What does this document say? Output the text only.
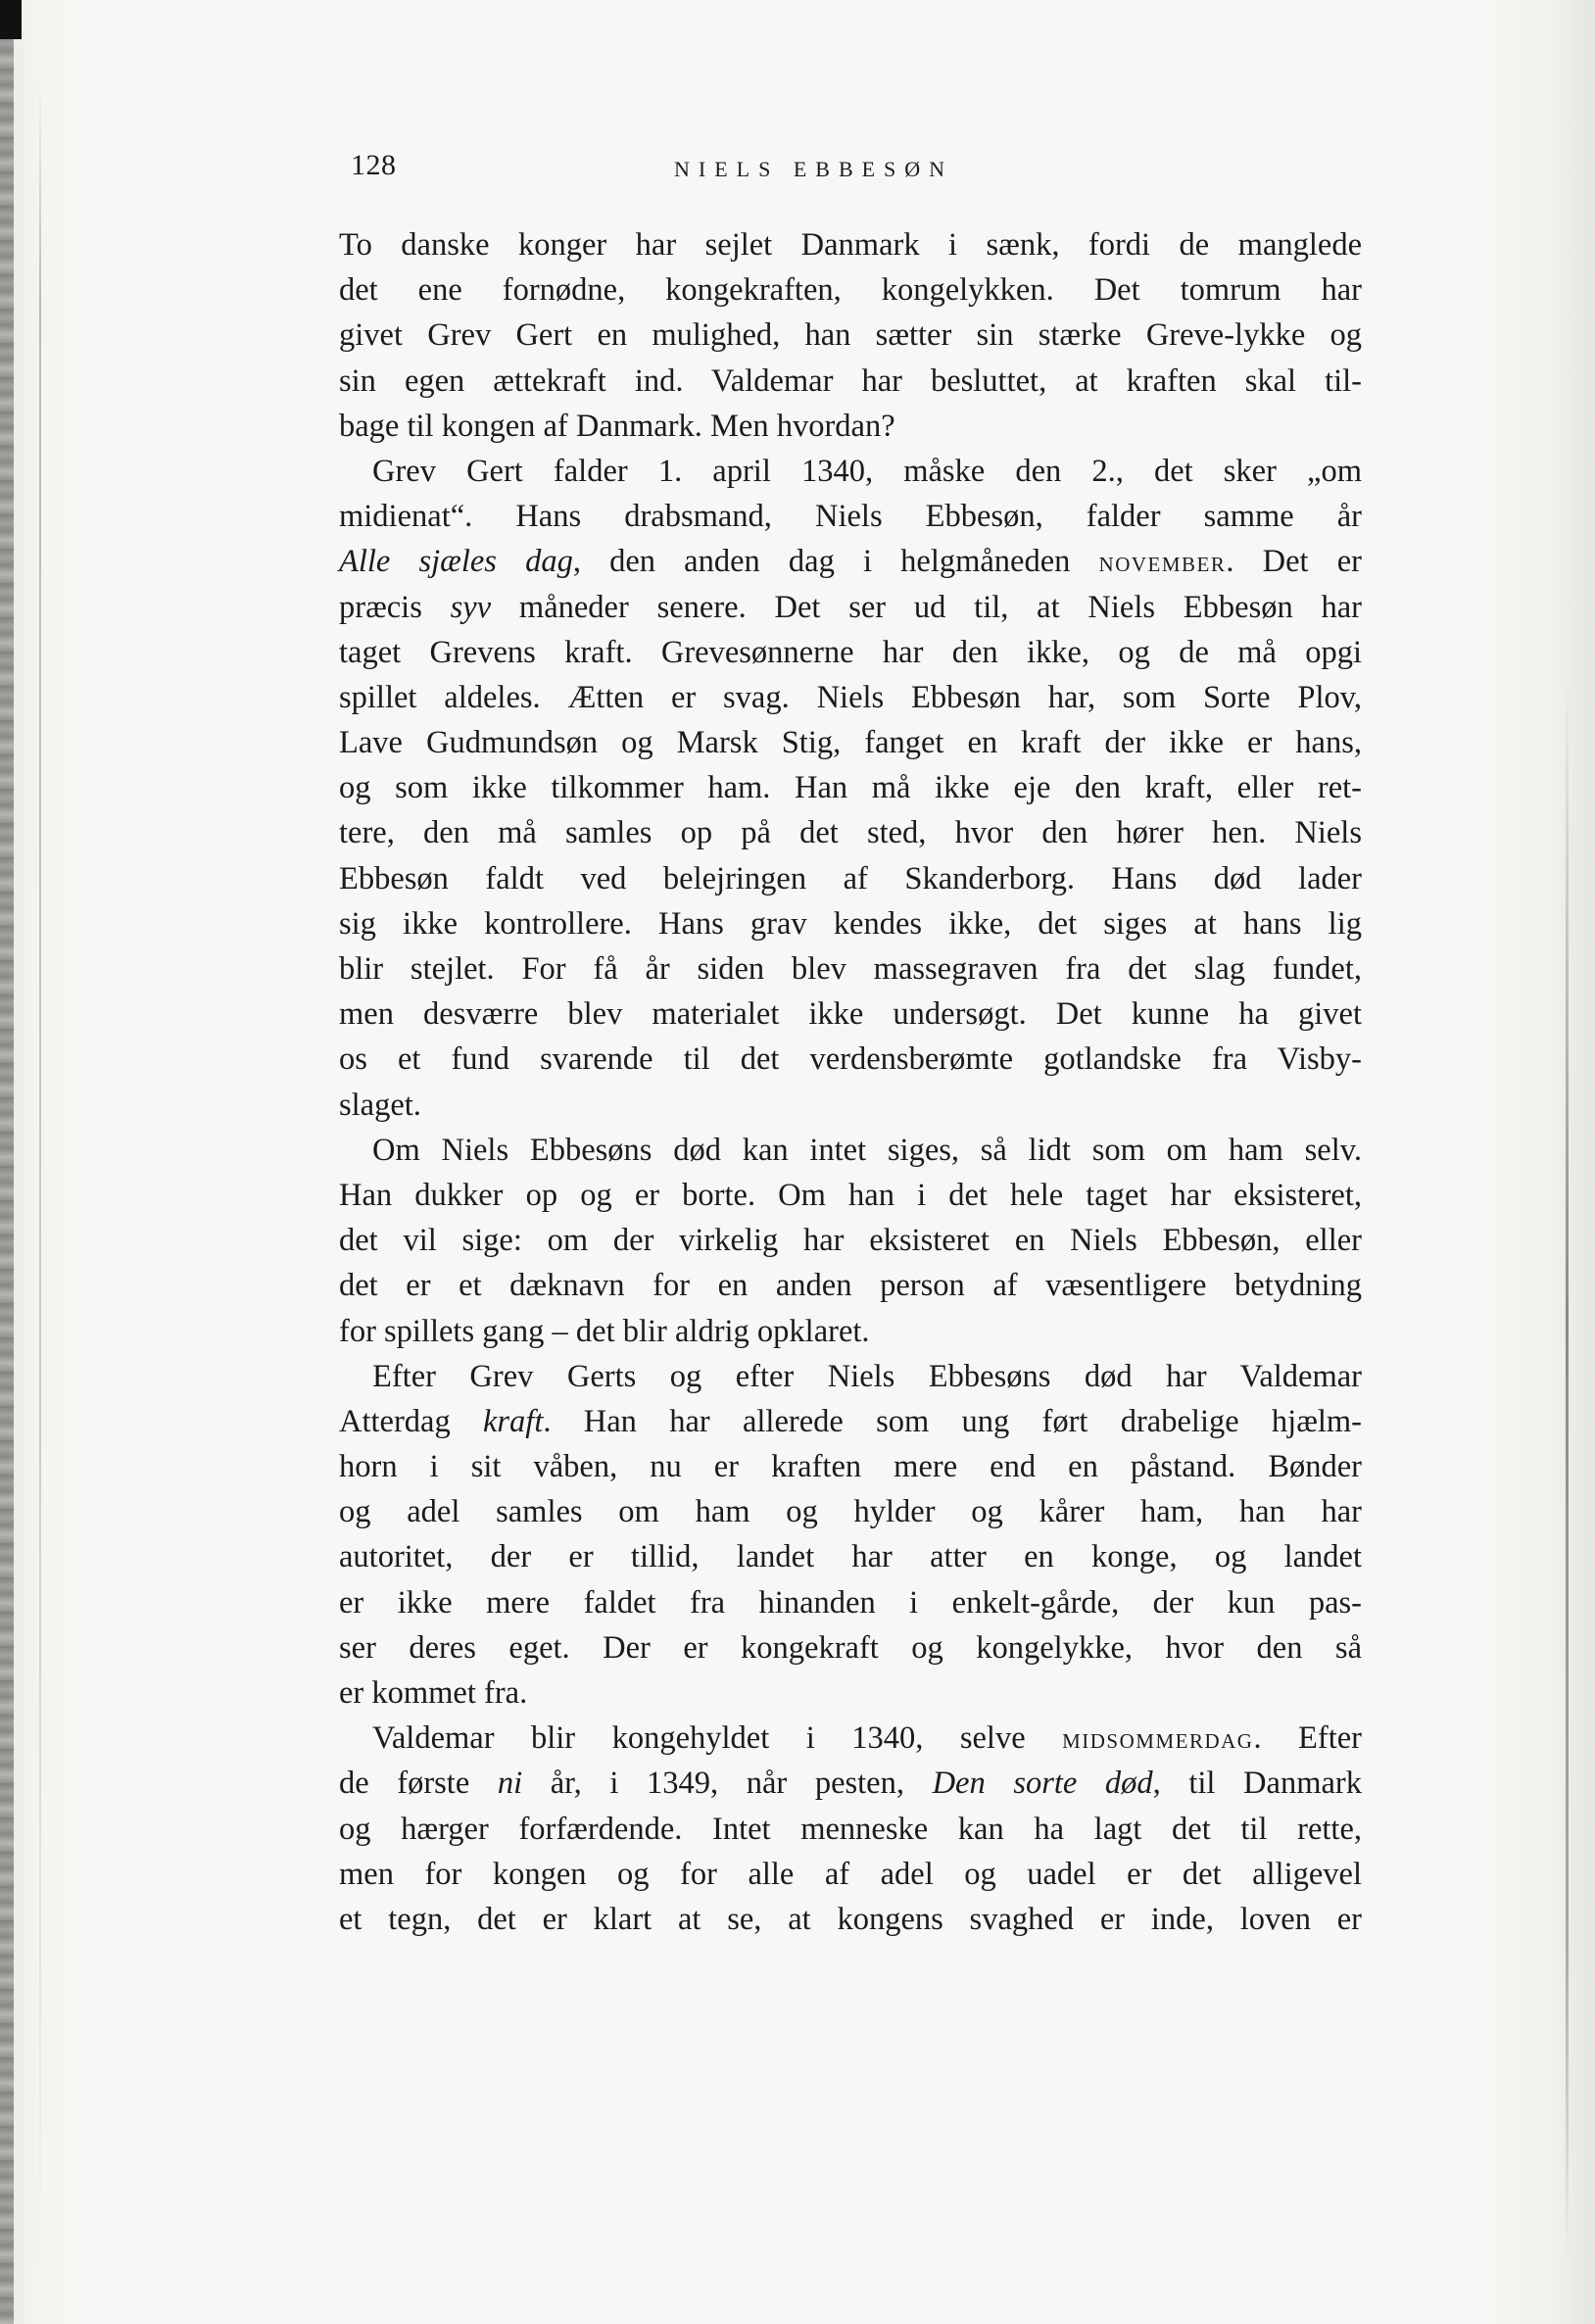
128	NIELS EBBESØN
To danske konger har sejlet Danmark i sænk, fordi de manglede
det ene fornødne, kongekraften, kongelykken. Det tomrum har
givet Grev Gert en mulighed, han sætter sin stærke Greve-lykke og
sin egen ættekraft ind. Valdemar har besluttet, at kraften skal til-
bage til kongen af Danmark. Men hvordan?
Grev Gert falder 1. april 1340, måske den 2., det sker „om
midienat“. Hans drabsmand, Niels Ebbesøn, falder samme år
Alle sjæles dag, den anden dag i helgmåneden NOVEMBER. Det er
præcis syv måneder senere. Det ser ud til, at Niels Ebbesøn har
taget Grevens kraft. Grevesønnerne har den ikke, og de må opgi
spillet aldeles. Ætten er svag. Niels Ebbesøn har, som Sorte Plov,
Lave Gudmundsøn og Marsk Stig, fanget en kraft der ikke er hans,
og som ikke tilkommer ham. Han må ikke eje den kraft, eller ret-
tere, den må samles op på det sted, hvor den hører hen. Niels
Ebbesøn faldt ved belejringen af Skanderborg. Hans død lader
sig ikke kontrollere. Hans grav kendes ikke, det siges at hans lig
blir stejlet. For få år siden blev massegraven fra det slag fundet,
men desværre blev materialet ikke undersøgt. Det kunne ha givet
os et fund svarende til det verdensberømte gotlandske fra Visby-
slaget.
Om Niels Ebbesøns død kan intet siges, så lidt som om ham selv.
Han dukker op og er borte. Om han i det hele taget har eksisteret,
det vil sige: om der virkelig har eksisteret en Niels Ebbesøn, eller
det er et dæknavn for en anden person af væsentligere betydning
for spillets gang – det blir aldrig opklaret.
Efter Grev Gerts og efter Niels Ebbesøns død har Valdemar
Atterdag kraft. Han har allerede som ung ført drabelige hjælm-
horn i sit våben, nu er kraften mere end en påstand. Bønder
og adel samles om ham og hylder og kårer ham, han har
autoritet, der er tillid, landet har atter en konge, og landet
er ikke mere faldet fra hinanden i enkelt-gårde, der kun pas-
ser deres eget. Der er kongekraft og kongelykke, hvor den så
er kommet fra.
Valdemar blir kongehyldet i 1340, selve MIDSOMMERDAG. Efter
de første ni år, i 1349, når pesten, Den sorte død, til Danmark
og hærger forfærdende. Intet menneske kan ha lagt det til rette,
men for kongen og for alle af adel og uadel er det alligevel
et tegn, det er klart at se, at kongens svaghed er inde, loven er
